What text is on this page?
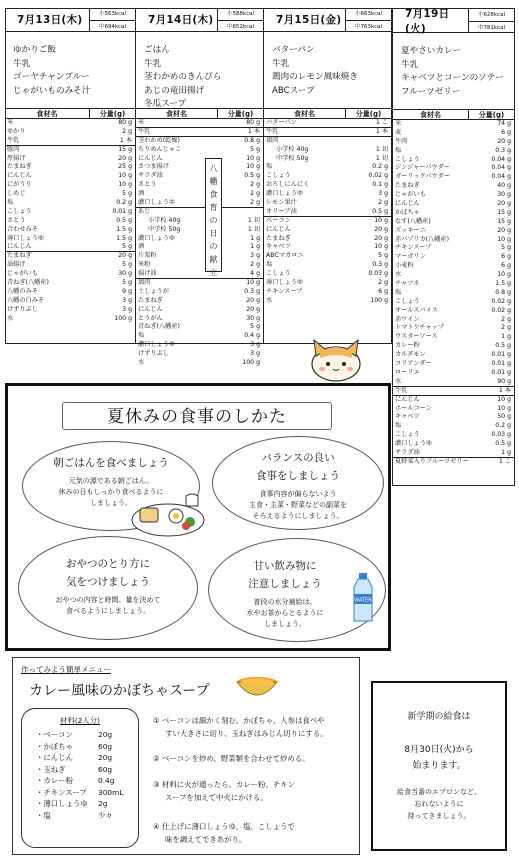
7月13日(木)
小563kcal
中694kcal
ゆかりご飯
牛乳
ゴーヤチャンプルー
じゃがいものみそ汁
食材名	分量(g)
米	80 g
ゆかり	2 g
牛乳	1 本
豚肉	15 g
厚揚げ	20 g
たまねぎ	25 g
にんじん	10 g
にがうり	10 g
しめじ	5 g
塩	0.2 g
こしょう	0.01 g
さとう	0.5 g
合わせみそ	1.5 g
薄口しょうゆ	1.5 g
にんじん	5 g
たまねぎ	20 g
油揚げ	5 g
じゃがいも	30 g
青ねぎ(八幡産)	5 g
八幡のみそ	9 g
八幡の白みそ	3 g
けずりぶし	3 g
水	100 g
7月14日(木)
小588kcal
中652kcal
ごはん
牛乳
茎わかめのきんぴら
あじの竜田揚げ
冬瓜スープ
食材名	分量(g)
米	80 g
牛乳	1 本
茎わかめ(乾燥)	0.8 g
ちりめんじゃこ	5 g
にんじん	10 g
さつま揚げ	10 g
サラダ油	0.5 g
さとう	2 g
酒	2 g
濃口しょうゆ	2 g
あじ
小学校 40g	1 切
中学校 50g	1 切
濃口しょうゆ	1 g
酒	1 g
片栗粉	3 g
米粉	2 g
揚げ油	4 g
鶏肉	10 g
土しょうが	0.3 g
たまねぎ	20 g
にんじん	20 g
とうがん	30 g
青ねぎ(八幡産)	5 g
塩	0.4 g
濃口しょうゆ	3 g
けずりぶし	3 g
水	100 g
7月15日(金)
小663kcal
中763kcal
バターパン
牛乳
鶏肉のレモン風味焼き
ABCスープ
食材名	分量(g)
バターパン	1 こ
牛乳	1 本
鶏肉
小学校 40g	1 切
中学校 50g	1 切
塩	0.2 g
こしょう	0.02 g
おろしにんにく	0.1 g
濃口しょうゆ	3 g
レモン果汁	2 g
オリーブ油	0.5 g
ベーコン	10 g
にんじん	20 g
たまねぎ	20 g
キャベツ	10 g
ABCマカロニ	5 g
塩	0.3 g
こしょう	0.03 g
薄口しょうゆ	2 g
チキンスープ	6 g
水	100 g
7月19日(火)
小628kcal
中781kcal
夏やさいカレー
牛乳
キャベツとコーンのソテー
フルーツゼリー
食材名	分量(g)
米	74 g
麦	6 g
牛肉	20 g
塩	0.3 g
こしょう	0.04 g
ジンジャーパウダー	0.04 g
ガーリックパウダー	0.04 g
たまねぎ	40 g
じゃがいも	30 g
にんじん	20 g
かぼちゃ	15 g
なす(八幡産)	15 g
ズッキーニ	20 g
赤パプリカ(八幡産)	10 g
チキンスープ	5 g
マーガリン	6 g
小麦粉	6 g
水	10 g
チャツネ	1.5 g
塩	0.8 g
こしょう	0.02 g
オールスパイス	0.02 g
赤ワイン	2 g
トマトケチャップ	2 g
ウスターソース	1 g
カレー粉	0.5 g
カルダモン	0.01 g
コリアンダー	0.01 g
ローリエ	0.01 g
水	90 g
牛乳	1 本
にんじん	10 g
ホールコーン	10 g
キャベツ	50 g
塩	0.2 g
こしょう	0.03 g
濃口しょうゆ	0.5 g
サラダ油	1 g
夏野菜入りフルーツゼリー	1 こ
八
幡
食
育
の
日
の
献
立
夏休みの食事のしかた
朝ごはんを食べましょう
元気の源である朝ごはん。
休みの日もしっかり食べるように
しましょう。
バランスの良い
食事をしましょう
食事内容が偏らないよう
主食・主菜・野菜などの副菜を
そろえるようにしましょう。
おやつのとり方に
気をつけましょう
おやつの内容と時間、量を決めて
食べるようにしましょう。
甘い飲み物に
注意しましょう
普段の水分補給は、
水やお茶からとるように
しましょう。
WATER
作ってみよう簡単メニュー
カレー風味のかぼちゃスープ
材料(2人分)
・ベーコン	20g
・かぼちゃ	60g
・にんじん	20g
・玉ねぎ	60g
・カレー粉	0.4g
・チキンスープ	300mL
・薄口しょうゆ	2g
・塩	少々
① ベーコンは細かく刻む。かぼちゃ、人参は食べや
すい大きさに切り、玉ねぎはみじん切りにする。
② ベーコンを炒め、野菜類を合わせて炒める。
③ 材料に火が通ったら、カレー粉、チキン
スープを加えて中火にかける。
④ 仕上げに薄口しょうゆ、塩、こしょうで
味を調えてできあがり。
新学期の給食は
8月30日(火)から
始まります。
給食当番のエプロンなど、
忘れないように
持ってきましょう。
